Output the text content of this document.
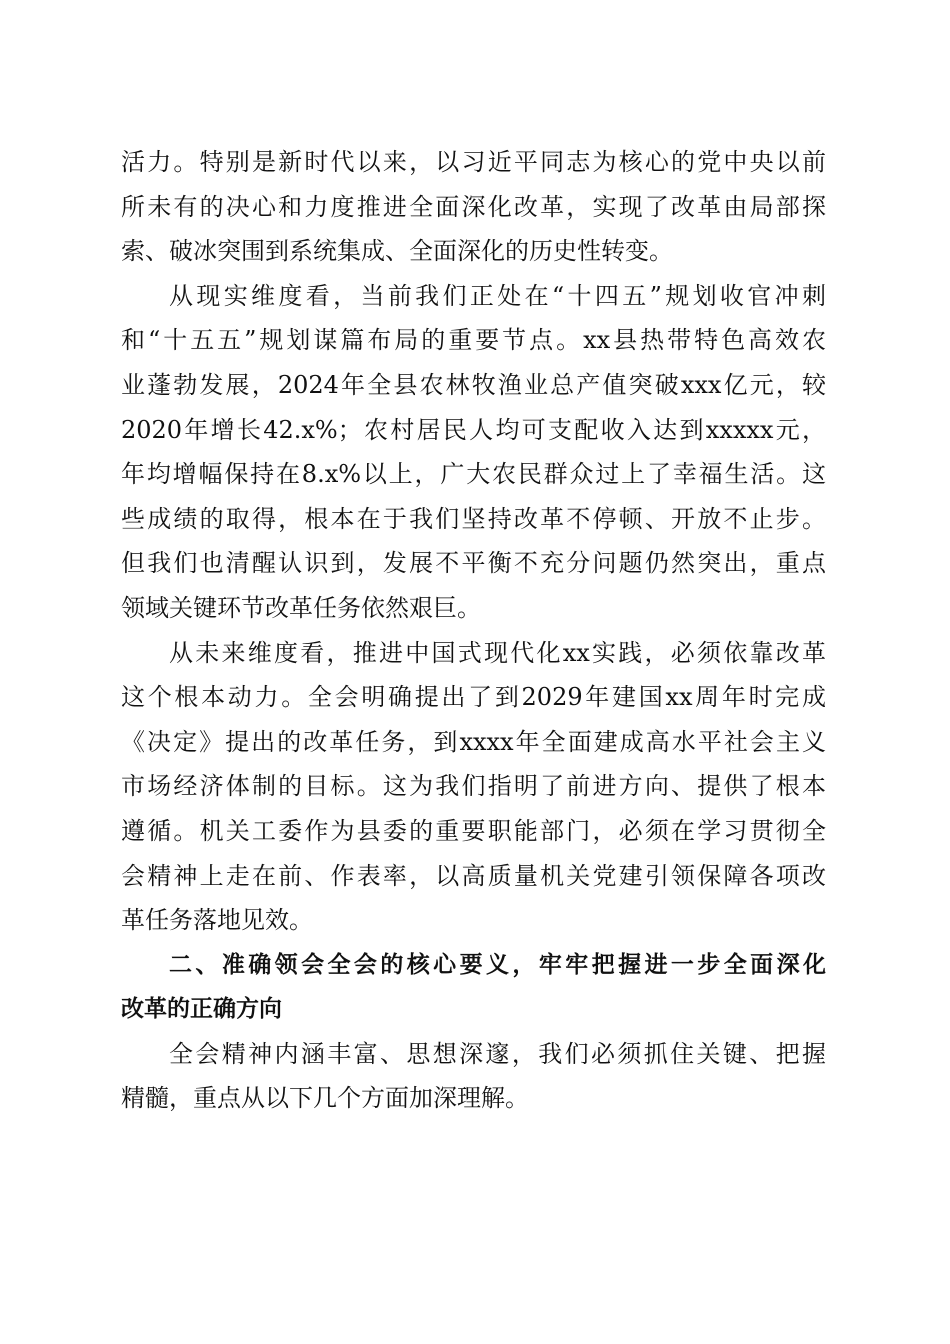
活力。特别是新时代以来，以习近平同志为核心的党中央以前
所未有的决心和力度推进全面深化改革，实现了改革由局部探
索、破冰突围到系统集成、全面深化的历史性转变。
从现实维度看，当前我们正处在“十四五”规划收官冲刺
和“十五五”规划谋篇布局的重要节点。xx县热带特色高效农
业蓬勃发展，2024年全县农林牧渔业总产值突破xxx亿元，较
2020年增长42.x%；农村居民人均可支配收入达到xxxxx元，
年均增幅保持在8.x%以上，广大农民群众过上了幸福生活。这
些成绩的取得，根本在于我们坚持改革不停顿、开放不止步。
但我们也清醒认识到，发展不平衡不充分问题仍然突出，重点
领域关键环节改革任务依然艰巨。
从未来维度看，推进中国式现代化xx实践，必须依靠改革
这个根本动力。全会明确提出了到2029年建国xx周年时完成
《决定》提出的改革任务，到xxxx年全面建成高水平社会主义
市场经济体制的目标。这为我们指明了前进方向、提供了根本
遵循。机关工委作为县委的重要职能部门，必须在学习贯彻全
会精神上走在前、作表率，以高质量机关党建引领保障各项改
革任务落地见效。
二、准确领会全会的核心要义，牢牢把握进一步全面深化
改革的正确方向
全会精神内涵丰富、思想深邃，我们必须抓住关键、把握
精髓，重点从以下几个方面加深理解。
